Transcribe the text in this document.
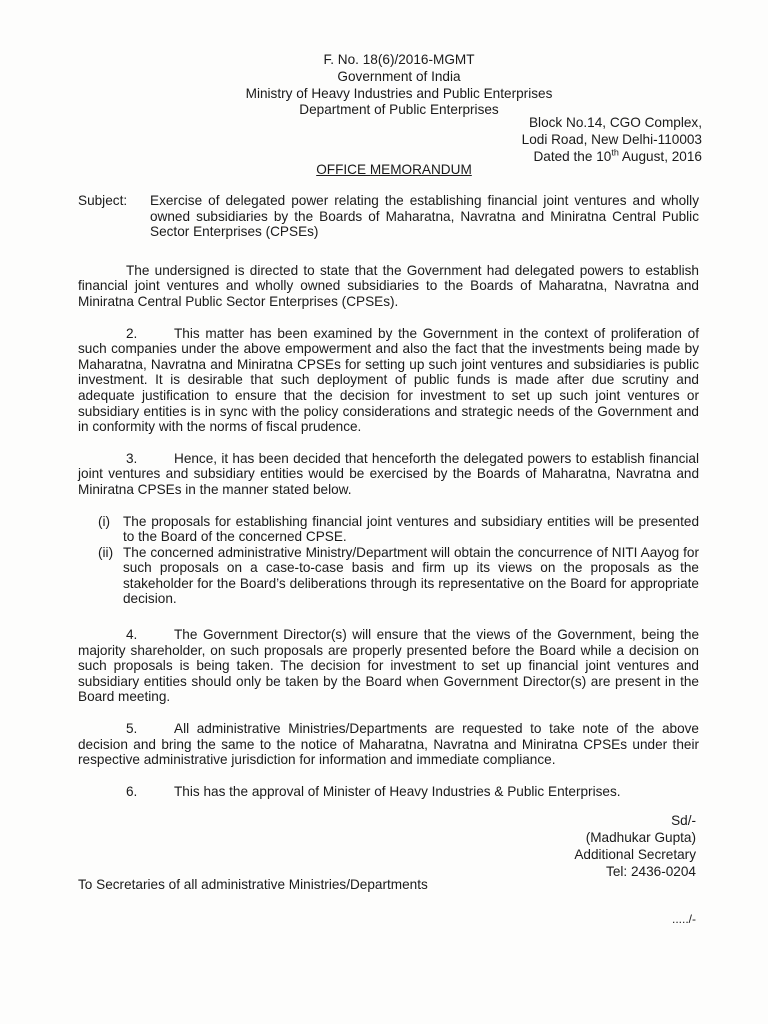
F. No. 18(6)/2016-MGMT
Government of India
Ministry of Heavy Industries and Public Enterprises
Department of Public Enterprises
Block No.14, CGO Complex,
Lodi Road, New Delhi-110003
Dated the 10th August, 2016
OFFICE MEMORANDUM
Subject:	Exercise of delegated power relating the establishing financial joint ventures and wholly owned subsidiaries by the Boards of Maharatna, Navratna and Miniratna Central Public Sector Enterprises (CPSEs)

The undersigned is directed to state that the Government had delegated powers to establish financial joint ventures and wholly owned subsidiaries to the Boards of Maharatna, Navratna and Miniratna Central Public Sector Enterprises (CPSEs).

2.	This matter has been examined by the Government in the context of proliferation of such companies under the above empowerment and also the fact that the investments being made by Maharatna, Navratna and Miniratna CPSEs for setting up such joint ventures and subsidiaries is public investment. It is desirable that such deployment of public funds is made after due scrutiny and adequate justification to ensure that the decision for investment to set up such joint ventures or subsidiary entities is in sync with the policy considerations and strategic needs of the Government and in conformity with the norms of fiscal prudence.

3.	Hence, it has been decided that henceforth the delegated powers to establish financial joint ventures and subsidiary entities would be exercised by the Boards of Maharatna, Navratna and Miniratna CPSEs in the manner stated below.

(i) The proposals for establishing financial joint ventures and subsidiary entities will be presented to the Board of the concerned CPSE.
(ii) The concerned administrative Ministry/Department will obtain the concurrence of NITI Aayog for such proposals on a case-to-case basis and firm up its views on the proposals as the stakeholder for the Board’s deliberations through its representative on the Board for appropriate decision.

4.	The Government Director(s) will ensure that the views of the Government, being the majority shareholder, on such proposals are properly presented before the Board while a decision on such proposals is being taken. The decision for investment to set up financial joint ventures and subsidiary entities should only be taken by the Board when Government Director(s) are present in the Board meeting.

5.	All administrative Ministries/Departments are requested to take note of the above decision and bring the same to the notice of Maharatna, Navratna and Miniratna CPSEs under their respective administrative jurisdiction for information and immediate compliance.

6.	This has the approval of Minister of Heavy Industries & Public Enterprises.

Sd/-
(Madhukar Gupta)
Additional Secretary
Tel: 2436-0204
To Secretaries of all administrative Ministries/Departments
...../-
